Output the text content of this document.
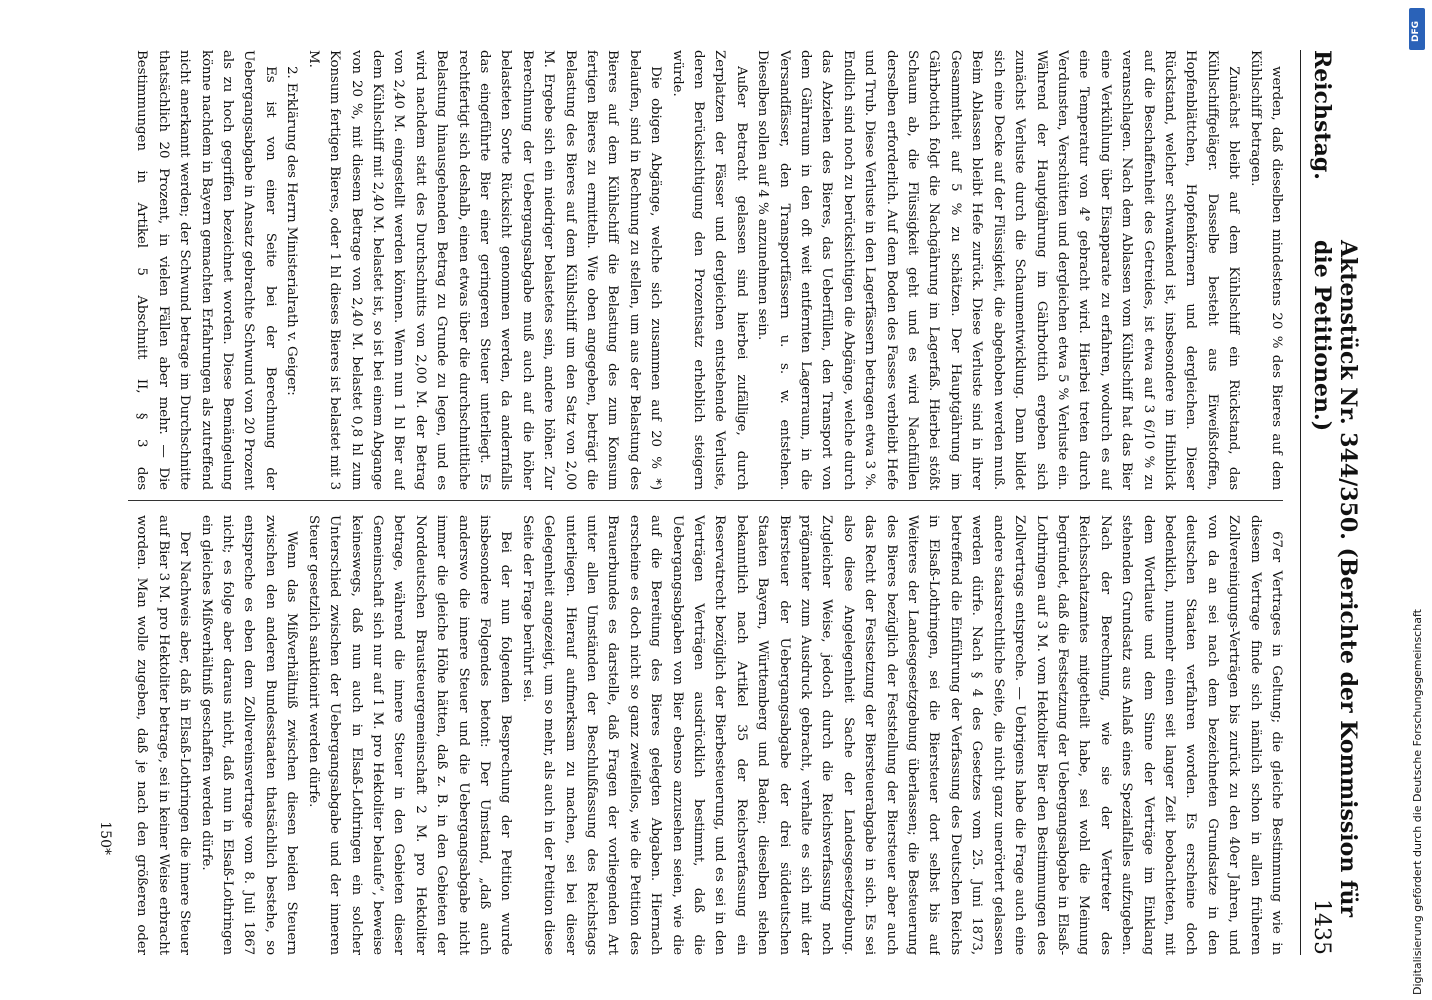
Reichstag.
Aktenstück Nr. 344/350. (Berichte der Kommission für die Petitionen.)
1435

werden, daß dieselben mindestens 20 % des Bieres auf dem Kühlschiff betragen.

Zunächst bleibt auf dem Kühlschiff ein Rückstand, das Kühlschiffgeläger. Dasselbe besteht aus Eiweißstoffen, Hopfenblättchen, Hopfenkörnern und dergleichen. Dieser Rückstand, welcher schwankend ist, insbesondere im Hinblick auf die Beschaffenheit des Getreides, ist etwa auf 3 6/10 % zu veranschlagen. Nach dem Ablassen vom Kühlschiff hat das Bier eine Verkühlung über Eisapparate zu erfahren, wodurch es auf eine Temperatur von 4° gebracht wird. Hierbei treten durch Verdunsten, Verschütten und dergleichen etwa 5 % Verluste ein. Während der Hauptgährung im Gährbottich ergeben sich zunächst Verluste durch die Schaumentwicklung. Dann bildet sich eine Decke auf der Flüssigkeit, die abgehoben werden muß. Beim Ablassen bleibt Hefe zurück. Diese Verluste sind in ihrer Gesammtheit auf 5 % zu schätzen. Der Hauptgährung im Gährbottich folgt die Nachgährung im Lagerfaß. Hierbei stößt Schaum ab, die Flüssigkeit geht und es wird Nachfüllen derselben erforderlich. Auf dem Boden des Fasses verbleibt Hefe und Trub. Diese Verluste in den Lagerfässern betragen etwa 3 %. Endlich sind noch zu berücksichtigen die Abgänge, welche durch das Abziehen des Bieres, das Ueberfüllen, den Transport von dem Gährraum in den oft weit entfernten Lagerraum, in die Versandfässer, den Transportfässern u. s. w. entstehen. Dieselben sollen auf 4 % anzunehmen sein.

Außer Betracht gelassen sind hierbei zufällige, durch Zerplatzen der Fässer und dergleichen entstehende Verluste, deren Berücksichtigung den Prozentsatz erheblich steigern würde.

Die obigen Abgänge, welche sich zusammen auf 20 % *) belaufen, sind in Rechnung zu stellen, um aus der Belastung des Bieres auf dem Kühlschiff die Belastung des zum Konsum fertigen Bieres zu ermitteln. Wie oben angegeben, beträgt die Belastung des Bieres auf dem Kühlschiff um den Satz von 2,00 M. Ergebe sich ein niedriger belastetes sein, andere höher. Zur Berechnung der Uebergangsabgabe muß auch auf die höher belasteten Sorte Rücksicht genommen werden, da andernfalls das eingeführte Bier einer geringeren Steuer unterliegt. Es rechtfertigt sich deshalb, einen etwas über die durchschnittliche Belastung hinausgehenden Betrag zu Grunde zu legen, und es wird nachdem statt des Durchschnitts von 2,00 M. der Betrag von 2,40 M. eingestellt werden können. Wenn nun 1 hl Bier auf dem Kühlschiff mit 2,40 M. belastet ist, so ist bei einem Abgange von 20 %, mit diesem Betrage von 2,40 M. belastet 0,8 hl zum Konsum fertigen Bieres, oder 1 hl dieses Bieres ist belastet mit 3 M.

2. Erklärung des Herrn Ministerialrath v. Geiger:

Es ist von einer Seite bei der Berechnung der Uebergangsabgabe in Ansatz gebrachte Schwund von 20 Prozent als zu hoch gegriffen bezeichnet worden. Diese Bemängelung könne nachdem in Bayern gemachten Erfahrungen als zutreffend nicht anerkannt werden; der Schwund betrage im Durchschnitte thatsächlich 20 Prozent, in vielen Fällen aber mehr. — Die Bestimmungen in Artikel 5 Abschnitt II, § 3 des

67er Vertrages in Geltung; die gleiche Bestimmung wie in diesem Vertrage finde sich nämlich schon in allen früheren Zollvereinigungs-Verträgen bis zurück zu den 40er Jahren, und von da an sei nach dem bezeichneten Grundsatze in den deutschen Staaten verfahren worden. Es erscheine doch bedenklich, nunmehr einen seit langer Zeit beobachteten, mit dem Wortlaute und dem Sinne der Verträge im Einklang stehenden Grundsatz aus Anlaß eines Spezialfalles aufzugeben. Nach der Berechnung, wie sie der Vertreter des Reichsschatzamtes mitgetheilt habe, sei wohl die Meinung begründet, daß die Festsetzung der Uebergangsabgabe in Elsaß-Lothringen auf 3 M. vom Hektoliter Bier den Bestimmungen des Zollvertrags entspreche. — Uebrigens habe die Frage auch eine andere staatsrechtliche Seite, die nicht ganz unerörtert gelassen werden dürfe. Nach § 4 des Gesetzes vom 25. Juni 1873, betreffend die Einführung der Verfassung des Deutschen Reichs in Elsaß-Lothringen, sei die Biersteuer dort selbst bis auf Weiteres der Landesgesetzgebung überlassen; die Besteuerung des Bieres bezüglich der Feststellung der Biersteuer aber auch das Recht der Festsetzung der Biersteuerabgabe in sich. Es sei also diese Angelegenheit Sache der Landesgesetzgebung. Zugleicher Weise, jedoch durch die Reichsverfassung noch prägnanter zum Ausdruck gebracht, verhalte es sich mit der Biersteuer der Uebergangsabgabe der drei süddeutschen Staaten Bayern, Württemberg und Baden; dieselben stehen bekanntlich nach Artikel 35 der Reichsverfassung ein Reservatrecht bezüglich der Bierbesteuerung, und es sei in den Verträgen Verträgen ausdrücklich bestimmt, daß die Uebergangsabgaben von Bier ebenso anzusehen seien, wie die auf die Bereitung des Bieres gelegten Abgaben. Hiernach erscheine es doch nicht so ganz zweifellos, wie die Petition des Brauerbundes es darstelle, daß Fragen der vorliegenden Art unter allen Umständen der Beschlußfassung des Reichstags unterliegen. Hierauf aufmerksam zu machen, sei bei dieser Gelegenheit angezeigt, um so mehr, als auch in der Petition diese Seite der Frage berührt sei.

Bei der nun folgenden Besprechung der Petition wurde insbesondere Folgendes betont: Der Umstand, „daß auch anderswo die innere Steuer und die Uebergangsabgabe nicht immer die gleiche Höhe hätten, daß z. B. in den Gebieten der Norddeutschen Brausteuergemeinschaft 2 M. pro Hektoliter betrage, während die innere Steuer in den Gebieten dieser Gemeinschaft sich nur auf 1 M. pro Hektoliter belaufe“, beweise keineswegs, daß nun auch in Elsaß-Lothringen ein solcher Unterschied zwischen der Uebergangsabgabe und der inneren Steuer gesetzlich sanktionirt werden dürfe.

Wenn das Mißverhältniß zwischen diesen beiden Steuern zwischen den anderen Bundesstaaten thatsächlich bestehe, so entspreche es eben dem Zollvereinsvertrage vom 8. Juli 1867 nicht; es folge aber daraus nicht, daß nun in Elsaß-Lothringen ein gleiches Mißverhältniß geschaffen werden dürfe.

Der Nachweis aber, daß in Elsaß-Lothringen die innere Steuer auf Bier 3 M. pro Hektoliter betrage, sei in keiner Weise erbracht worden. Man wolle zugeben, daß je nach den größeren oder

150*	Digitalisierung gefördert durch die Deutsche Forschungsgemeinschaft
DFG
